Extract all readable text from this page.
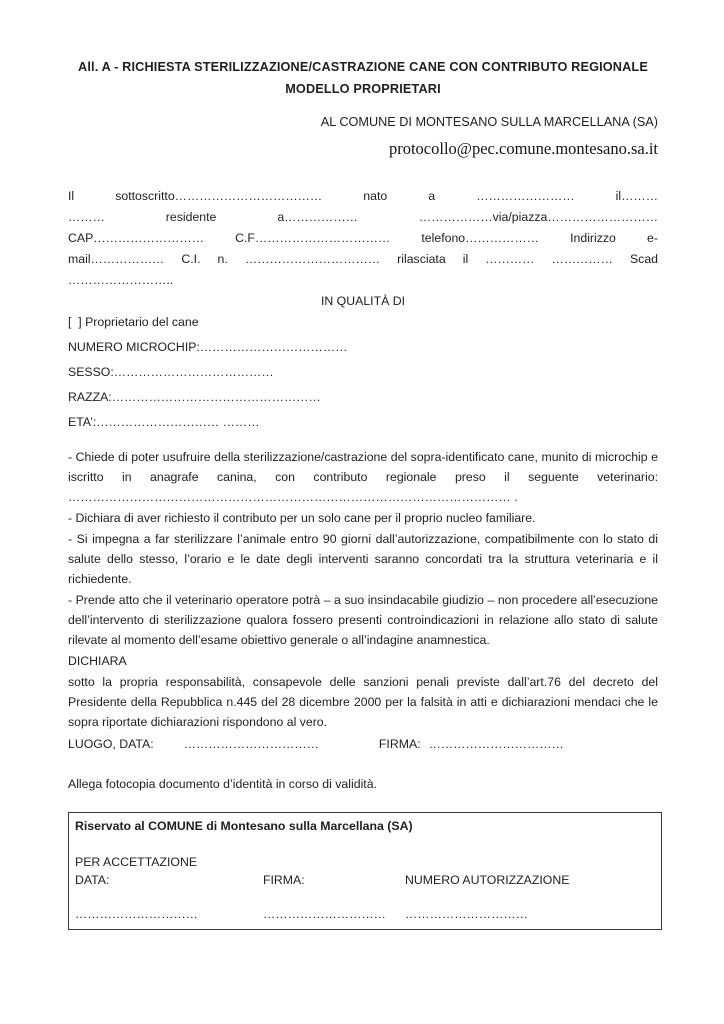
All. A - RICHIESTA STERILIZZAZIONE/CASTRAZIONE CANE CON CONTRIBUTO REGIONALE
MODELLO PROPRIETARI
AL COMUNE DI MONTESANO SULLA MARCELLANA (SA)
protocollo@pec.comune.montesano.sa.it
Il sottoscritto……………………………… nato a …………………… il………
……… residente a……………… ………………via/piazza………………………
CAP……………………… C.F…………………………… telefono……………… Indirizzo e-
mail……………… C.I. n. …………………………… rilasciata il ………… …………… Scad
……………………..
IN QUALITÀ DI
[  ] Proprietario del cane
NUMERO MICROCHIP:………………………………
SESSO:…………………………………
RAZZA:……………………………………………
ETA’:………………………… ………
- Chiede di poter usufruire della sterilizzazione/castrazione del sopra-identificato cane, munito di microchip e
iscritto in anagrafe canina, con contributo regionale preso il seguente veterinario:
……………………………………………………………………………………………… .
- Dichiara di aver richiesto il contributo per un solo cane per il proprio nucleo familiare.
- Si impegna a far sterilizzare l’animale entro 90 giorni dall’autorizzazione, compatibilmente con lo stato di
salute dello stesso, l’orario e le date degli interventi saranno concordati tra la struttura veterinaria e il
richiedente.
- Prende atto che il veterinario operatore potrà – a suo insindacabile giudizio – non procedere all’esecuzione
dell’intervento di sterilizzazione qualora fossero presenti controindicazioni in relazione allo stato di salute
rilevate al momento dell’esame obiettivo generale o all’indagine anamnestica.
DICHIARA
sotto la propria responsabilità, consapevole delle sanzioni penali previste dall’art.76 del decreto del
Presidente della Repubblica n.445 del 28 dicembre 2000 per la falsità in atti e dichiarazioni mendaci che le
sopra riportate dichiarazioni rispondono al vero.
LUOGO, DATA: ……………………………	FIRMA: ……………………………
Allega fotocopia documento d’identità in corso di validità.
Riservato al COMUNE di Montesano sulla Marcellana (SA)
PER ACCETTAZIONE
DATA:	FIRMA:	NUMERO AUTORIZZAZIONE
…………………………	…………………………	…………………………
